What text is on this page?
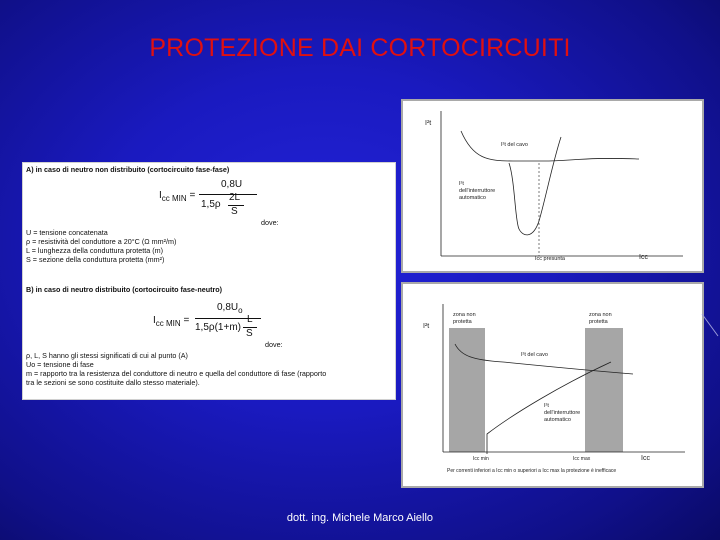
PROTEZIONE DAI CORTOCIRCUITI
A) in caso di neutro non distribuito (cortocircuito fase-fase)
$I_{cc MIN}$ =
0,8U
1,5ρ
2L
S
dove:
U = tensione concatenata
ρ = resistività del conduttore a 20°C (Ω mm²/m)
L = lunghezza della conduttura protetta (m)
S = sezione della conduttura protetta (mm²)
B) in caso di neutro distribuito (cortocircuito fase-neutro)
$I_{cc MIN}$ =
$0,8U_o$
1,5ρ(1+m)
L
S
dove:
ρ, L, S hanno gli stessi significati di cui al punto (A)
Uo = tensione di fase
m = rapporto tra la resistenza del conduttore di neutro e quella del conduttore di fase (rapporto
tra le sezioni se sono costituite dallo stesso materiale).
I²t
Icc
I²t del cavo
I²t
dell'interruttore
automatico
Icc presunta
I²t
Icc
zona non
protetta
zona non
protetta
I²t del cavo
I²t
dell'interruttore
automatico
Icc min	Icc max
Per correnti inferiori a Icc min o superiori a Icc max la protezione è inefficace
dott. ing. Michele Marco Aiello
